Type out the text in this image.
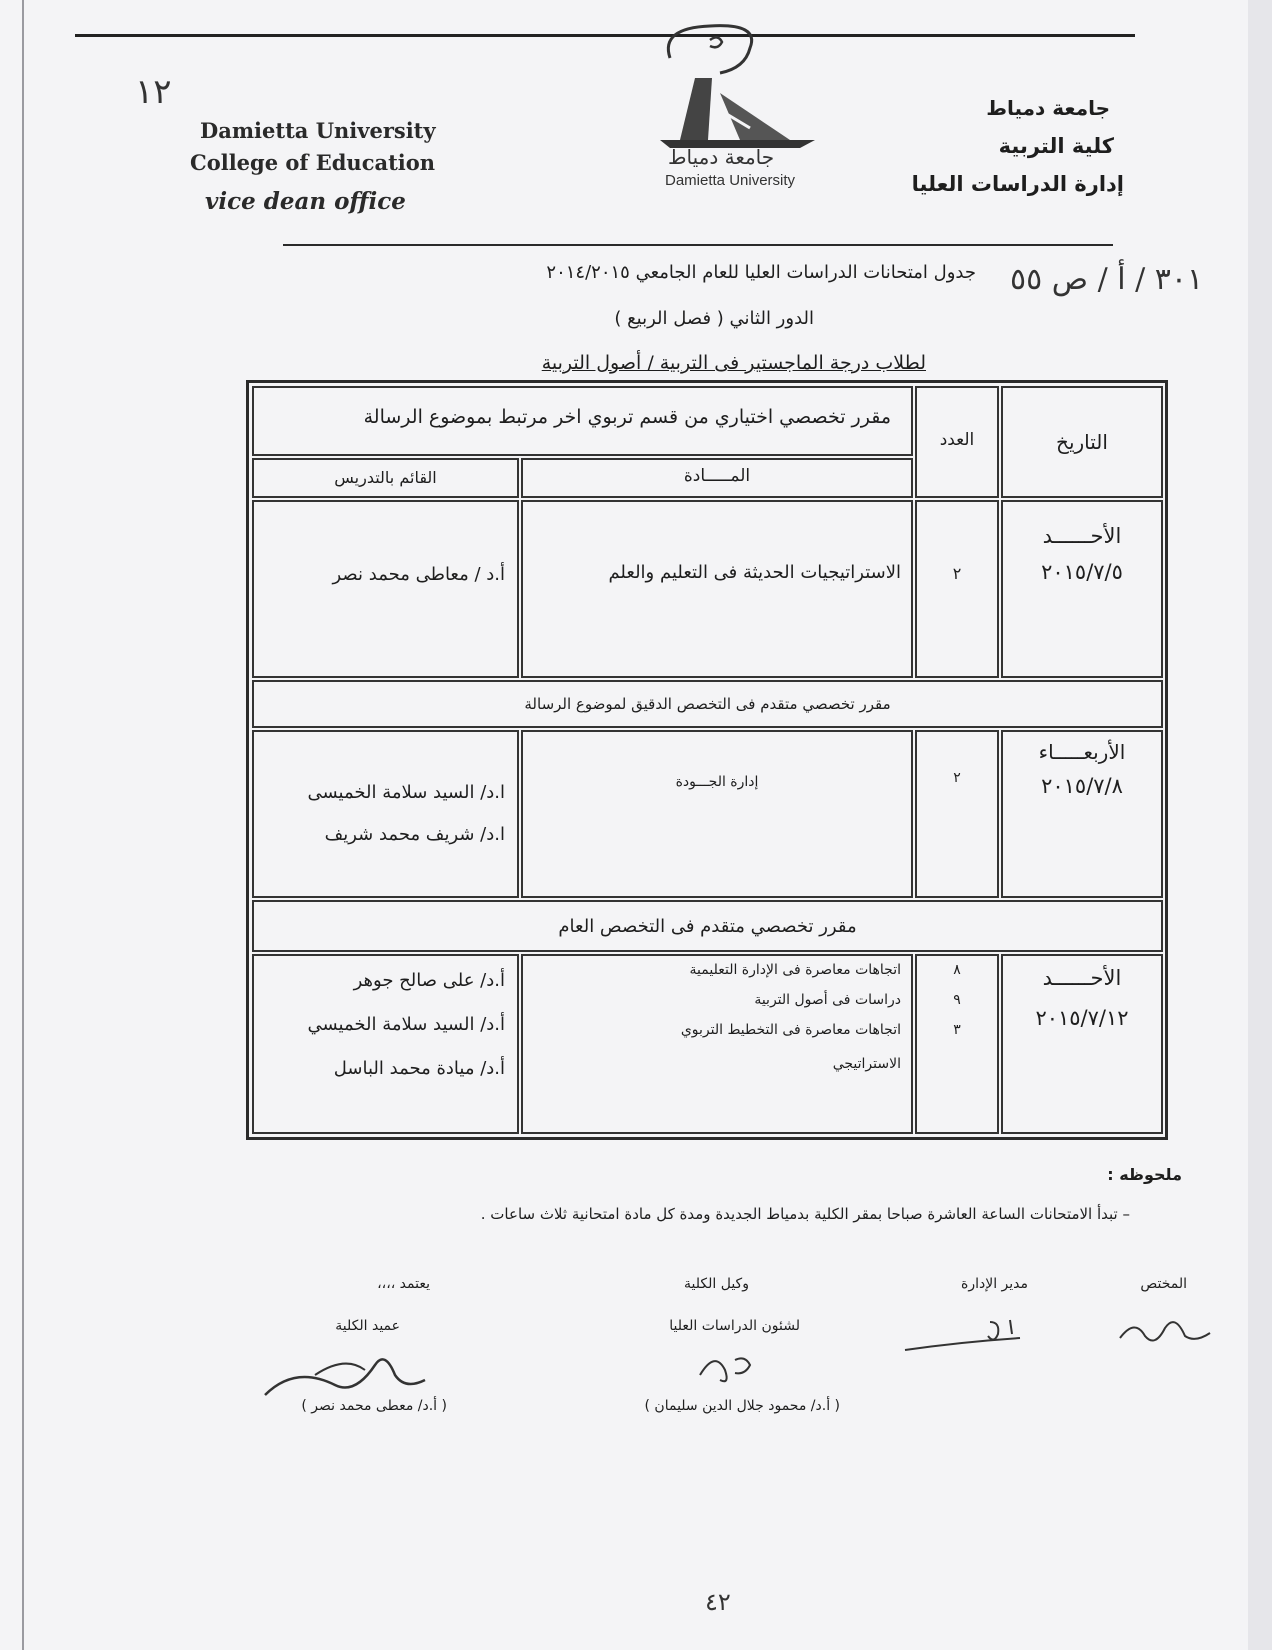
١٢
٣٠١ / أ / ص ٥٥
Damietta University
College of Education
vice dean office
جامعة دمياط
Damietta University
جامعة دمياط
كلية التربية
إدارة الدراسات العليا
جدول امتحانات الدراسات العليا للعام الجامعي ٢٠١٤/٢٠١٥
الدور الثاني ( فصل الربيع )
لطلاب درجة الماجستير فى التربية / أصول التربية
التاريخ
العدد
مقرر تخصصي اختياري من قسم تربوي اخر مرتبط بموضوع الرسالة
المـــــادة
القائم بالتدريس
الأحــــــد
٢٠١٥/٧/٥
٢
الاستراتيجيات الحديثة فى التعليم والعلم
أ.د / معاطى محمد نصر
مقرر تخصصي متقدم فى التخصص الدقيق لموضوع الرسالة
الأربعـــــاء
٢٠١٥/٧/٨
٢
إدارة الجـــودة
ا.د/ السيد سلامة الخميسى
ا.د/ شريف محمد شريف
مقرر تخصصي متقدم فى التخصص العام
الأحــــــد
٢٠١٥/٧/١٢
٨
٩
٣
اتجاهات معاصرة فى الإدارة التعليمية
دراسات فى أصول التربية
اتجاهات معاصرة فى التخطيط التربوي
الاستراتيجي
أ.د/ على صالح جوهر
أ.د/ السيد سلامة الخميسي
أ.د/ ميادة محمد الباسل
ملحوظه :
– تبدأ الامتحانات الساعة العاشرة صباحا بمقر الكلية بدمياط الجديدة ومدة كل مادة امتحانية ثلاث ساعات .
المختص
مدير الإدارة
وكيل الكلية
لشئون الدراسات العليا
( أ.د/ محمود جلال الدين سليمان )
يعتمد ،،،،
عميد الكلية
( أ.د/ معطى محمد نصر )
٤٢
